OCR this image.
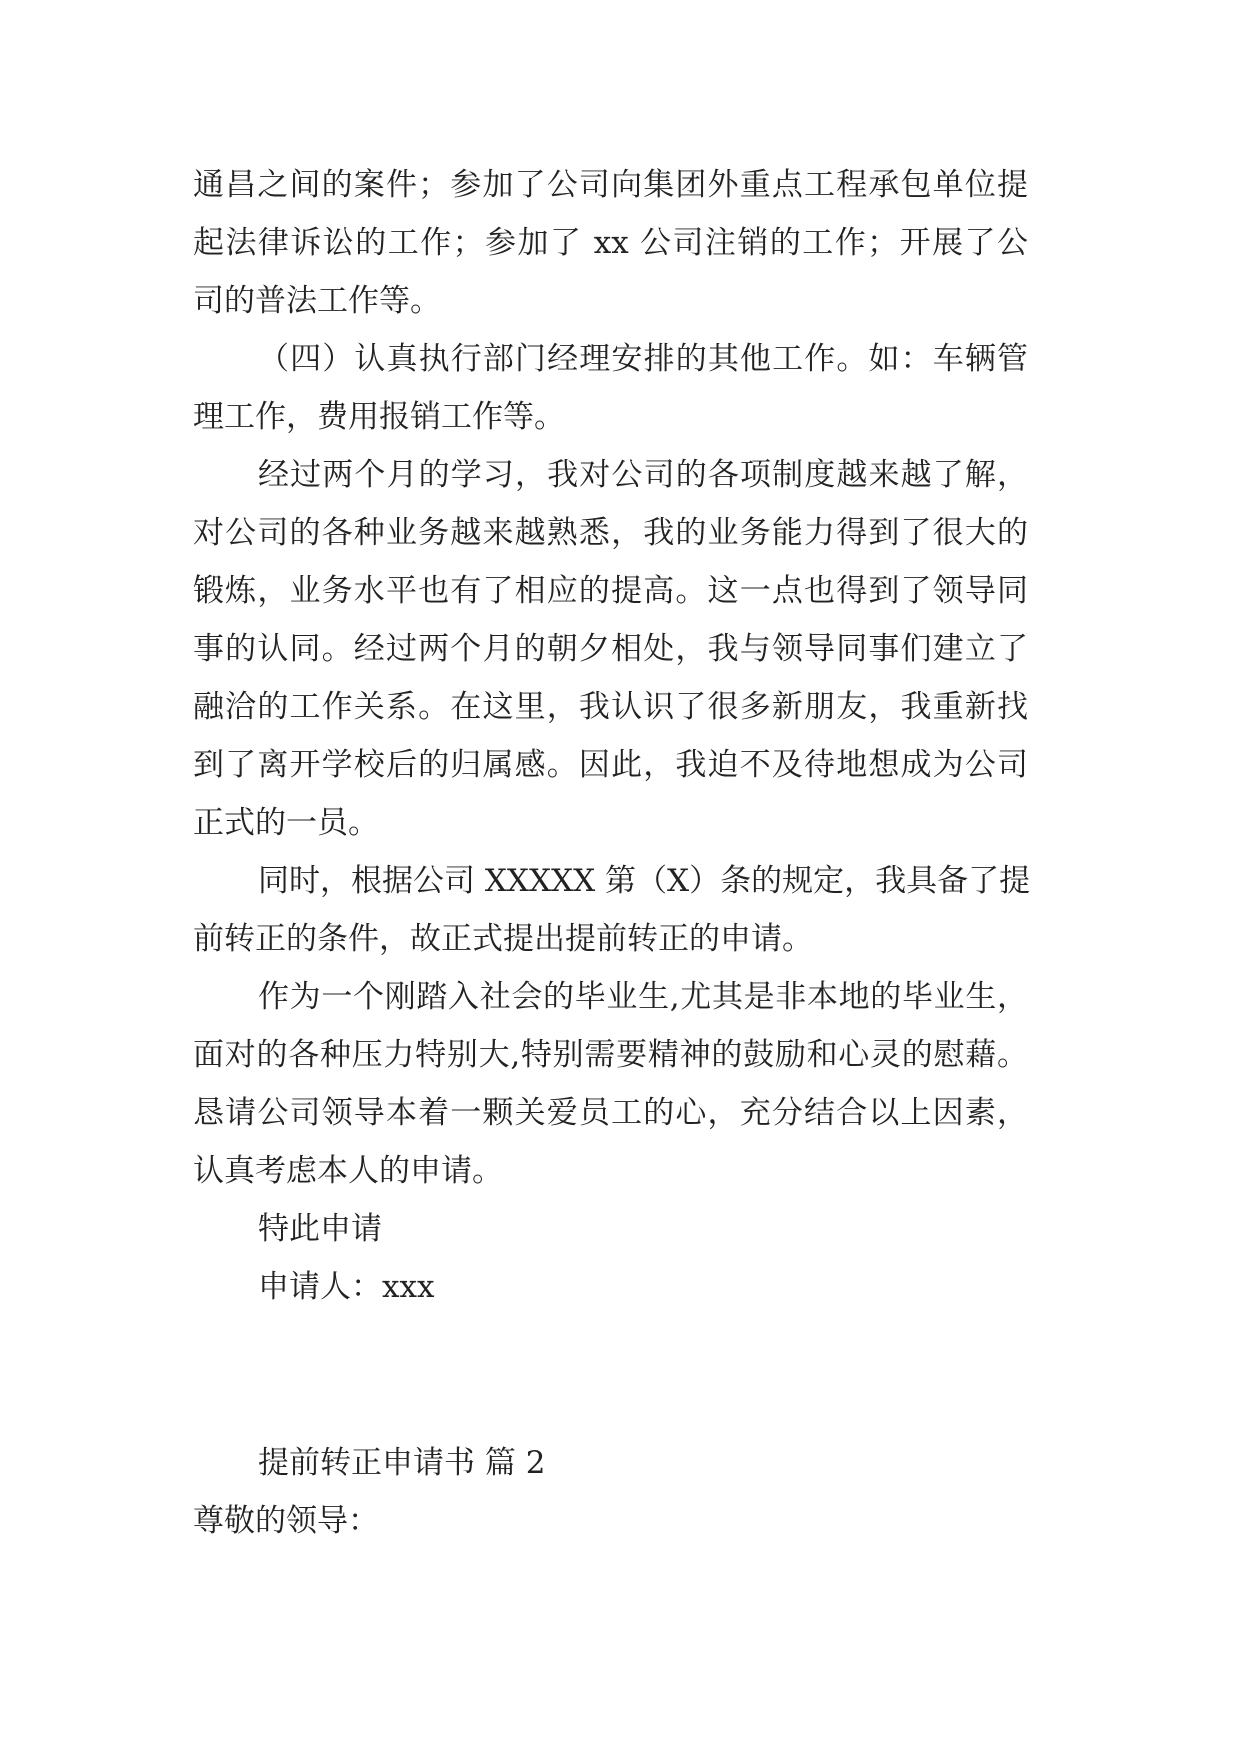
通昌之间的案件；参加了公司向集团外重点工程承包单位提

起法律诉讼的工作；参加了 xx 公司注销的工作；开展了公

司的普法工作等。

（四）认真执行部门经理安排的其他工作。如：车辆管

理工作，费用报销工作等。

经过两个月的学习，我对公司的各项制度越来越了解，

对公司的各种业务越来越熟悉，我的业务能力得到了很大的

锻炼，业务水平也有了相应的提高。这一点也得到了领导同

事的认同。经过两个月的朝夕相处，我与领导同事们建立了

融洽的工作关系。在这里，我认识了很多新朋友，我重新找

到了离开学校后的归属感。因此，我迫不及待地想成为公司

正式的一员。

同时，根据公司 XXXXX 第（X）条的规定，我具备了提

前转正的条件，故正式提出提前转正的申请。

作为一个刚踏入社会的毕业生,尤其是非本地的毕业生，

面对的各种压力特别大,特别需要精神的鼓励和心灵的慰藉。

恳请公司领导本着一颗关爱员工的心，充分结合以上因素，

认真考虑本人的申请。

特此申请

申请人：xxx

提前转正申请书 篇 2

尊敬的领导：
